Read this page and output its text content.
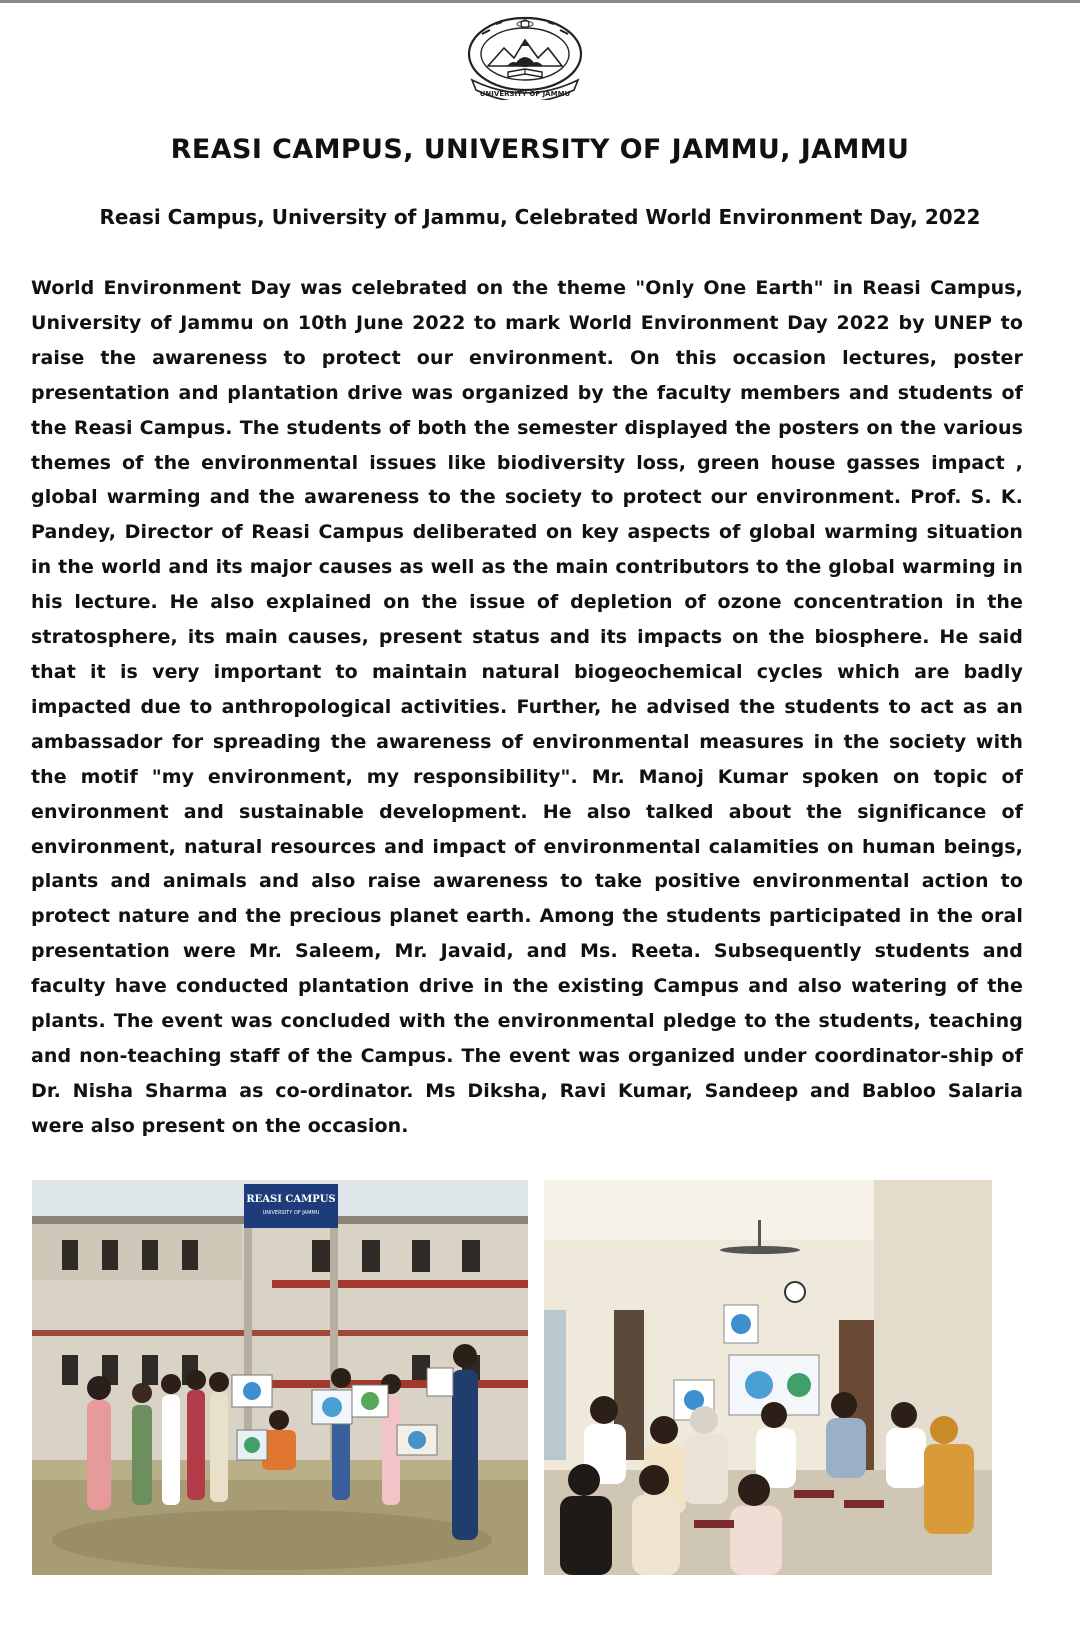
UNIVERSITY OF JAMMU
REASI CAMPUS, UNIVERSITY OF JAMMU, JAMMU
Reasi Campus, University of Jammu, Celebrated World Environment Day, 2022

World Environment Day was celebrated on the theme "Only One Earth" in Reasi Campus, University of Jammu on 10th June 2022 to mark World Environment Day 2022 by UNEP to raise the awareness to protect our environment. On this occasion lectures, poster presentation and plantation drive was organized by the faculty members and students of the Reasi Campus. The students of both the semester displayed the posters on the various themes of the environmental issues like biodiversity loss, green house gasses impact , global warming and the awareness to the society to protect our environment. Prof. S. K. Pandey, Director of Reasi Campus deliberated on key aspects of global warming situation in the world and its major causes as well as the main contributors to the global warming in his lecture. He also explained on the issue of depletion of ozone concentration in the stratosphere, its main causes, present status and its impacts on the biosphere. He said that it is very important to maintain natural biogeochemical cycles which are badly impacted due to anthropological activities. Further, he advised the students to act as an ambassador for spreading the awareness of environmental measures in the society with the motif "my environment, my responsibility". Mr. Manoj Kumar spoken on topic of environment and sustainable development. He also talked about the significance of environment, natural resources and impact of environmental calamities on human beings, plants and animals and also raise awareness to take positive environmental action to protect nature and the precious planet earth. Among the students participated in the oral presentation were Mr. Saleem, Mr. Javaid, and Ms. Reeta. Subsequently students and faculty have conducted plantation drive in the existing Campus and also watering of the plants. The event was concluded with the environmental pledge to the students, teaching and non-teaching staff of the Campus. The event was organized under coordinator-ship of Dr. Nisha Sharma as co-ordinator. Ms Diksha, Ravi Kumar, Sandeep and Babloo Salaria were also present on the occasion.

REASI CAMPUS
UNIVERSITY OF JAMMU
